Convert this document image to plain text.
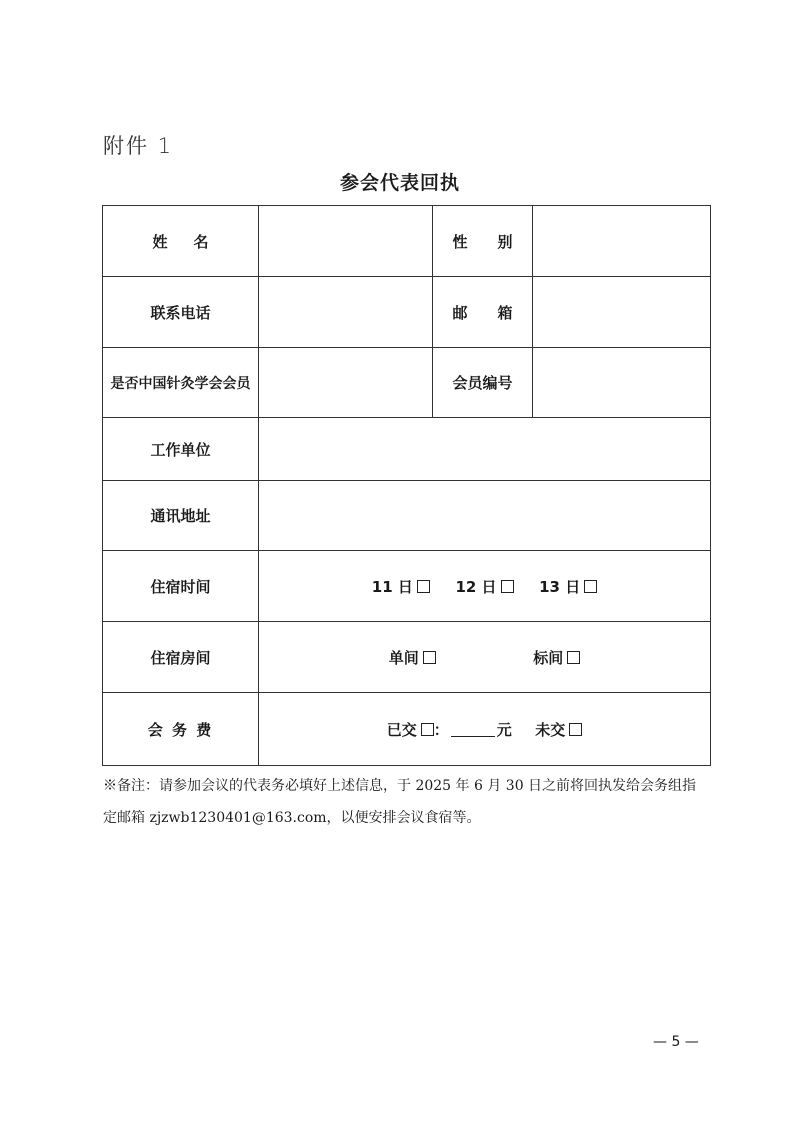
附件 1
参会代表回执
姓 名		性 别	
联系电话		邮 箱	
是否中国针灸学会会员		会员编号	
工作单位			
通讯地址			
住宿时间	11 日 12 日 13 日		
住宿房间	单间 标间		
会 务 费	已交 ： 元 未交		
※备注：请参加会议的代表务必填好上述信息，于 2025 年 6 月 30 日之前将回执发给会务组指
定邮箱 zjzwb1230401@163.com，以便安排会议食宿等。
— 5 —
